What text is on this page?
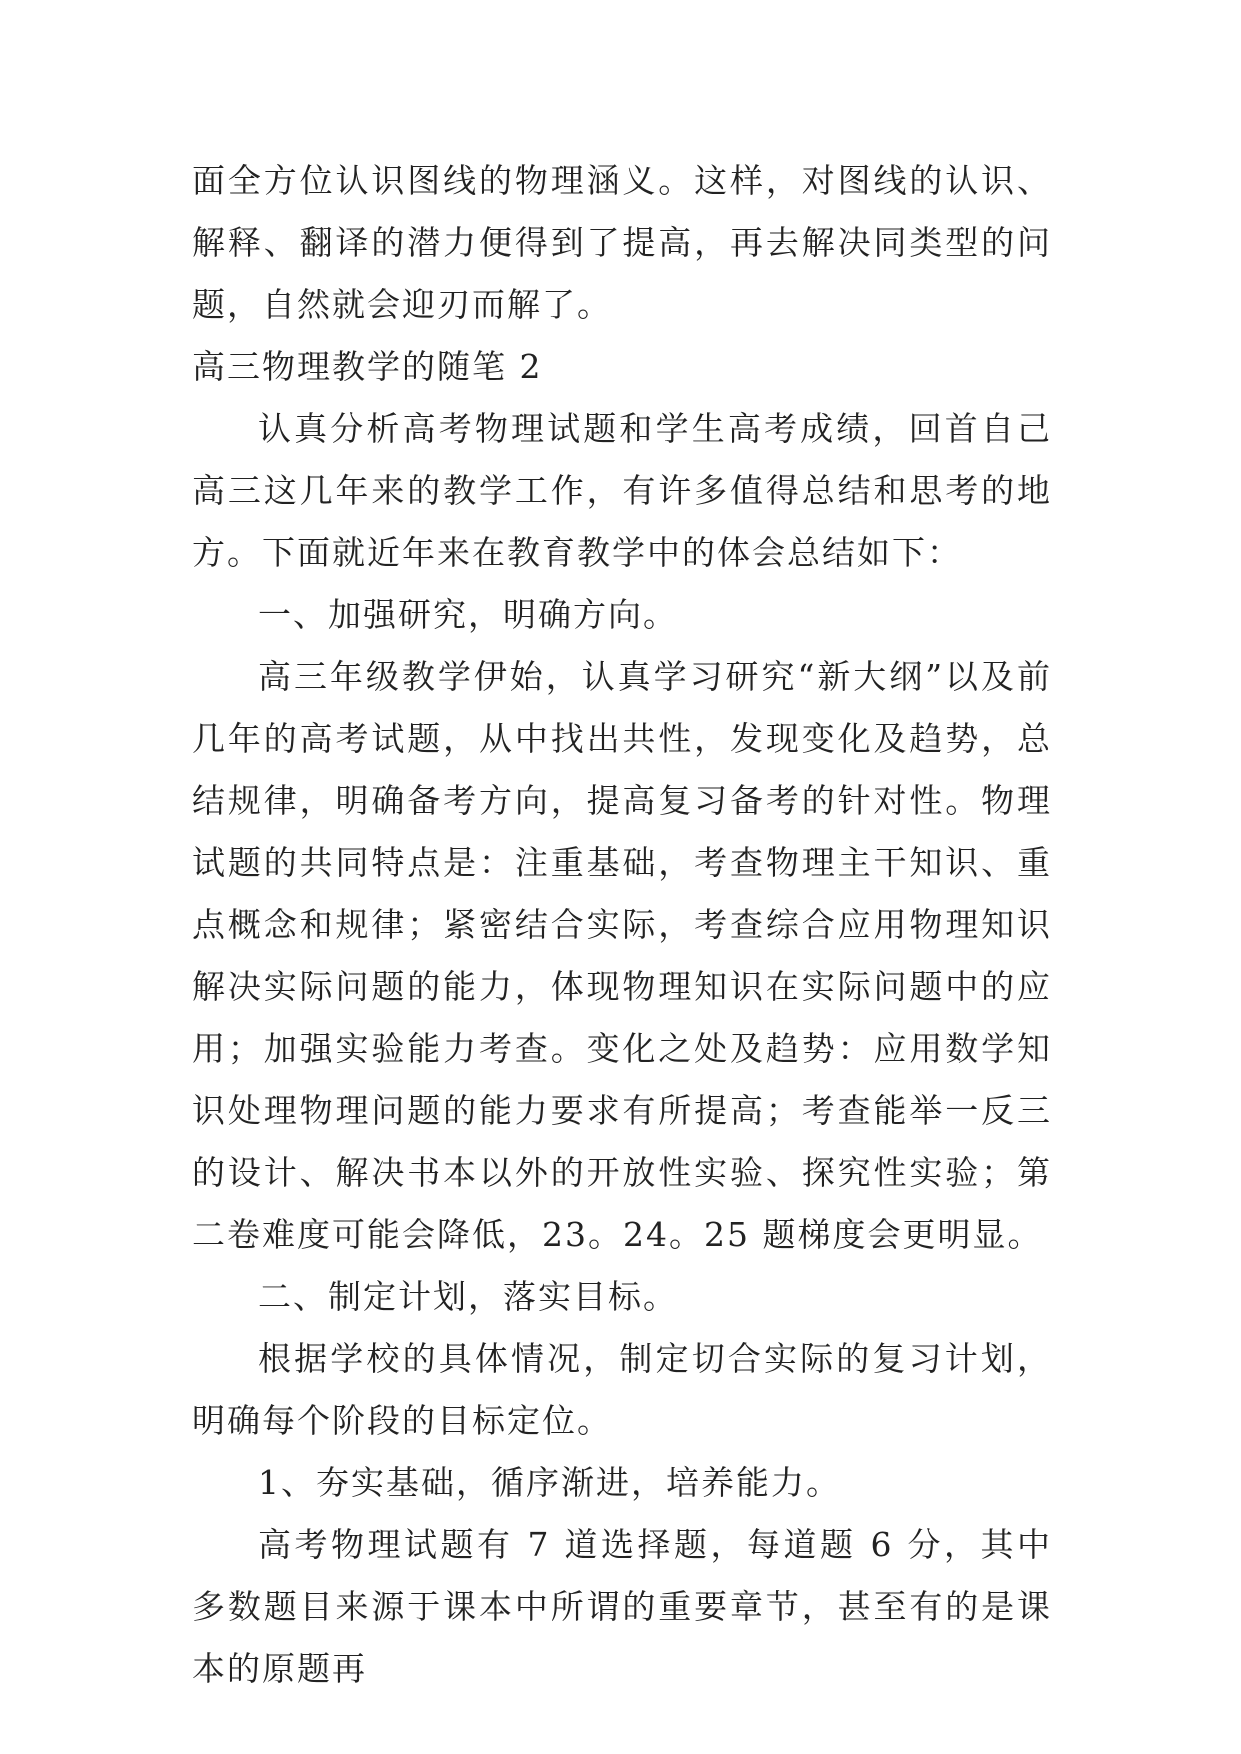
面全方位认识图线的物理涵义。这样，对图线的认识、解释、翻译的潜力便得到了提高，再去解决同类型的问题，自然就会迎刃而解了。

高三物理教学的随笔 2

认真分析高考物理试题和学生高考成绩，回首自己高三这几年来的教学工作，有许多值得总结和思考的地方。下面就近年来在教育教学中的体会总结如下：

一、加强研究，明确方向。

高三年级教学伊始，认真学习研究“新大纲”以及前几年的高考试题，从中找出共性，发现变化及趋势，总结规律，明确备考方向，提高复习备考的针对性。物理试题的共同特点是：注重基础，考查物理主干知识、重点概念和规律；紧密结合实际，考查综合应用物理知识解决实际问题的能力，体现物理知识在实际问题中的应用；加强实验能力考查。变化之处及趋势：应用数学知识处理物理问题的能力要求有所提高；考查能举一反三的设计、解决书本以外的开放性实验、探究性实验；第二卷难度可能会降低，23。24。25 题梯度会更明显。

二、制定计划，落实目标。

根据学校的具体情况，制定切合实际的复习计划，明确每个阶段的目标定位。

1、夯实基础，循序渐进，培养能力。

高考物理试题有 7 道选择题，每道题 6 分，其中多数题目来源于课本中所谓的重要章节，甚至有的是课本的原题再
